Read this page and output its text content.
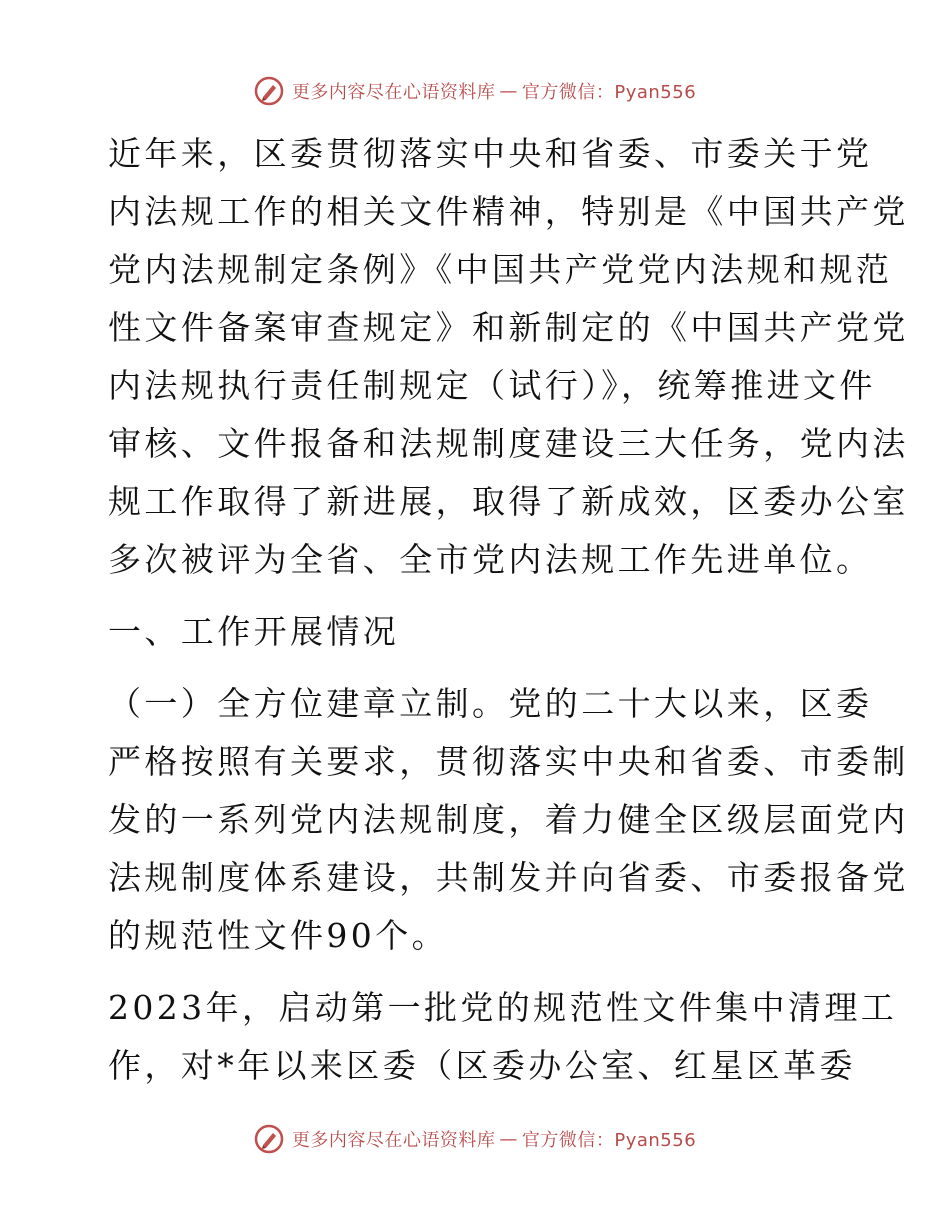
更多内容尽在心语资料库 — 官方微信：Pyan556

近年来，区委贯彻落实中央和省委、市委关于党
内法规工作的相关文件精神，特别是《中国共产党
党内法规制定条例》《中国共产党党内法规和规范
性文件备案审查规定》和新制定的《中国共产党党
内法规执行责任制规定（试行）》，统筹推进文件
审核、文件报备和法规制度建设三大任务，党内法
规工作取得了新进展，取得了新成效，区委办公室
多次被评为全省、全市党内法规工作先进单位。

一、工作开展情况

（一）全方位建章立制。党的二十大以来，区委
严格按照有关要求，贯彻落实中央和省委、市委制
发的一系列党内法规制度，着力健全区级层面党内
法规制度体系建设，共制发并向省委、市委报备党
的规范性文件90个。

2023年，启动第一批党的规范性文件集中清理工
作，对*年以来区委（区委办公室、红星区革委

更多内容尽在心语资料库 — 官方微信：Pyan556
